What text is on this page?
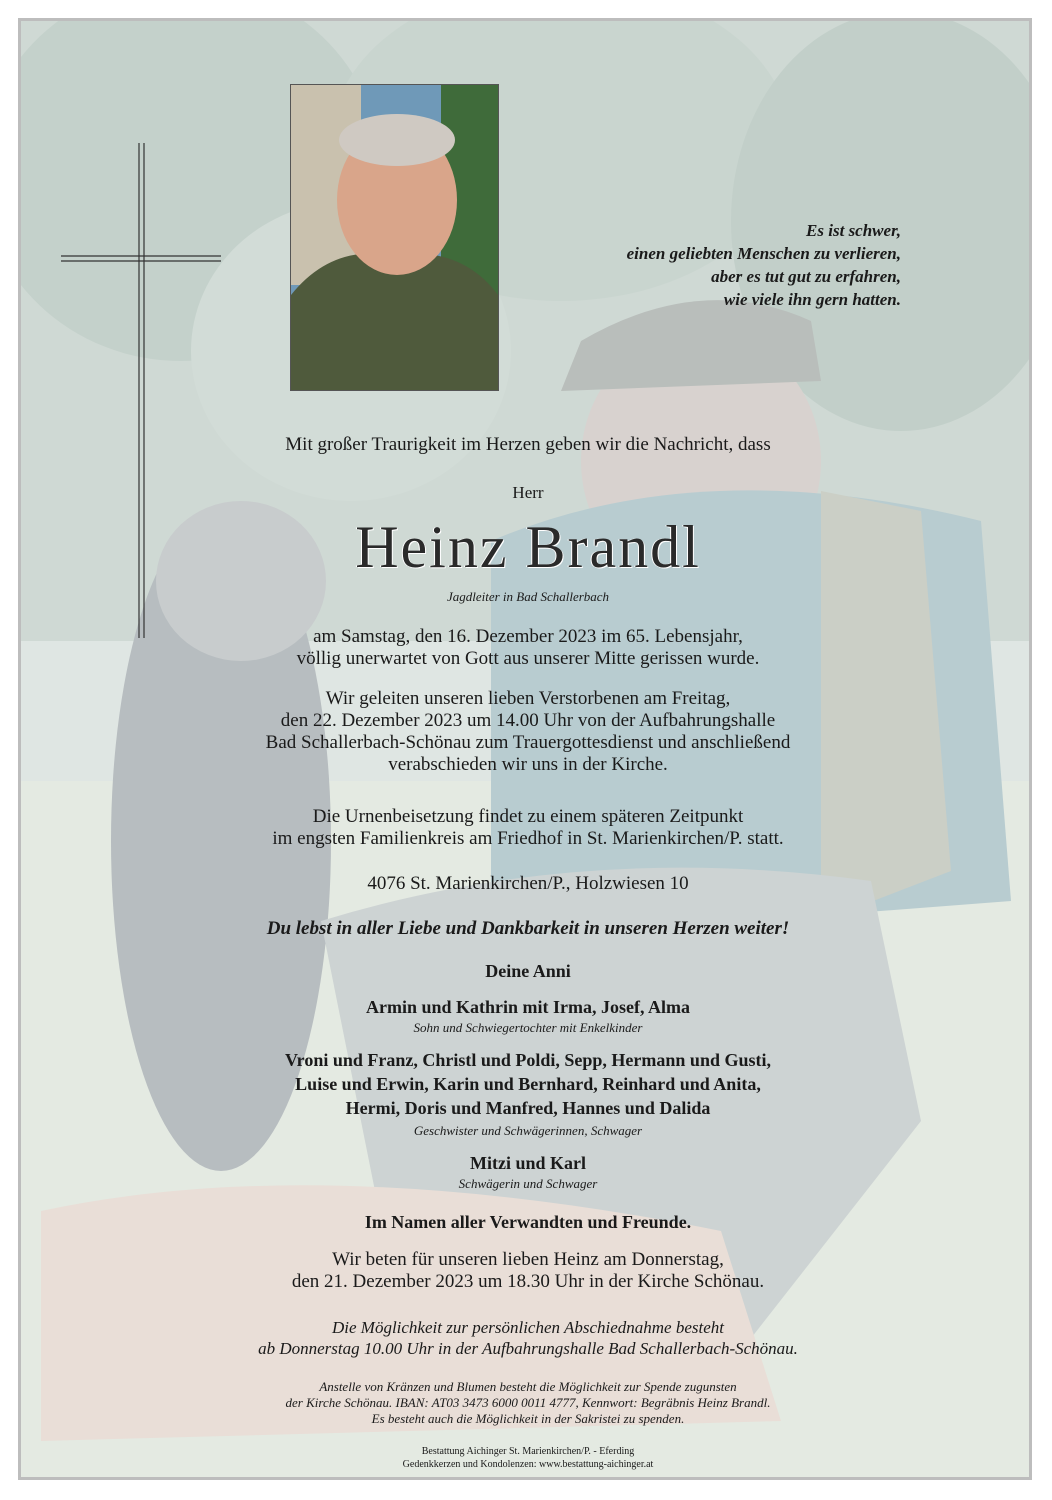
Es ist schwer,
einen geliebten Menschen zu verlieren,
aber es tut gut zu erfahren,
wie viele ihn gern hatten.
Mit großer Traurigkeit im Herzen geben wir die Nachricht, dass
Herr
Heinz Brandl
Jagdleiter in Bad Schallerbach
am Samstag, den 16. Dezember 2023 im 65. Lebensjahr,
völlig unerwartet von Gott aus unserer Mitte gerissen wurde.
Wir geleiten unseren lieben Verstorbenen am Freitag,
den 22. Dezember 2023 um 14.00 Uhr von der Aufbahrungshalle
Bad Schallerbach-Schönau zum Trauergottesdienst und anschließend
verabschieden wir uns in der Kirche.
Die Urnenbeisetzung findet zu einem späteren Zeitpunkt
im engsten Familienkreis am Friedhof in St. Marienkirchen/P. statt.
4076 St. Marienkirchen/P., Holzwiesen 10
Du lebst in aller Liebe und Dankbarkeit in unseren Herzen weiter!
Deine Anni
Armin und Kathrin mit Irma, Josef, Alma
Sohn und Schwiegertochter mit Enkelkinder
Vroni und Franz, Christl und Poldi, Sepp, Hermann und Gusti,
Luise und Erwin, Karin und Bernhard, Reinhard und Anita,
Hermi, Doris und Manfred, Hannes und Dalida
Geschwister und Schwägerinnen, Schwager
Mitzi und Karl
Schwägerin und Schwager
Im Namen aller Verwandten und Freunde.
Wir beten für unseren lieben Heinz am Donnerstag,
den 21. Dezember 2023 um 18.30 Uhr in der Kirche Schönau.
Die Möglichkeit zur persönlichen Abschiednahme besteht
ab Donnerstag 10.00 Uhr in der Aufbahrungshalle Bad Schallerbach-Schönau.
Anstelle von Kränzen und Blumen besteht die Möglichkeit zur Spende zugunsten
der Kirche Schönau. IBAN: AT03 3473 6000 0011 4777, Kennwort: Begräbnis Heinz Brandl.
Es besteht auch die Möglichkeit in der Sakristei zu spenden.
Bestattung Aichinger St. Marienkirchen/P. - Eferding
Gedenkkerzen und Kondolenzen: www.bestattung-aichinger.at
